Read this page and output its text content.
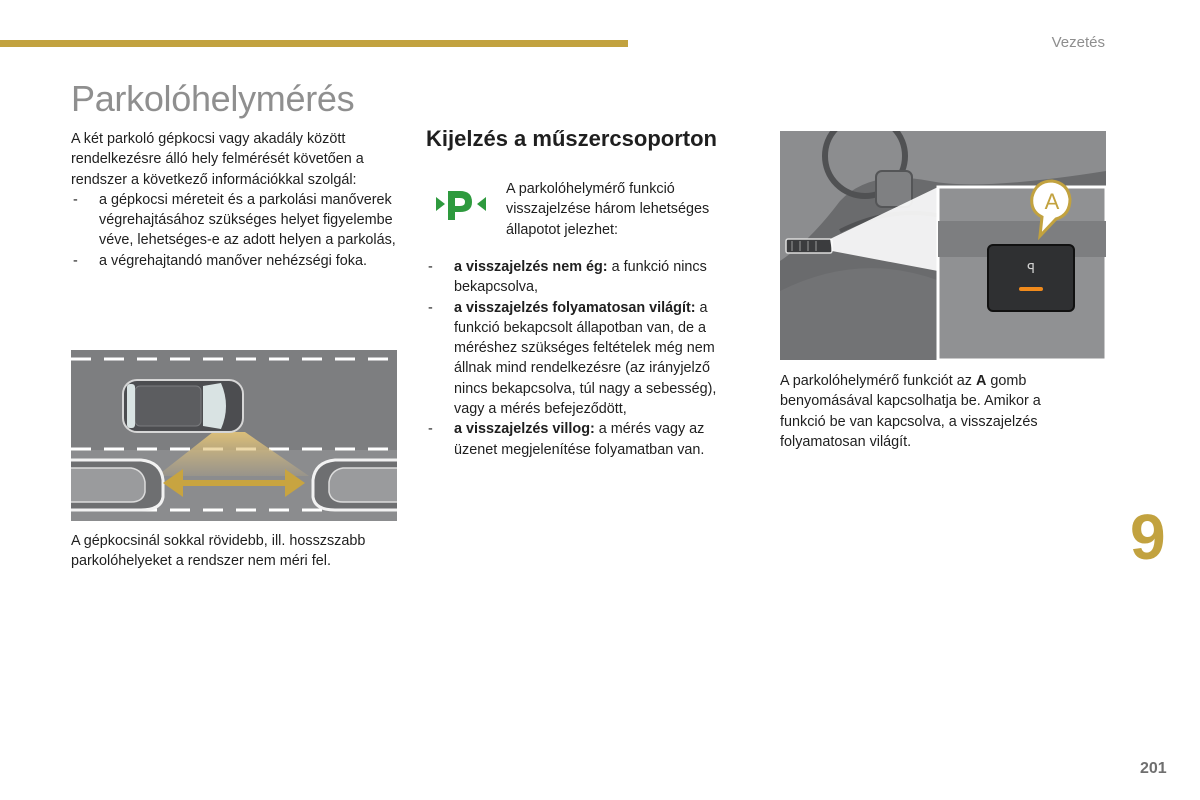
Vezetés
Parkolóhelymérés

A két parkoló gépkocsi vagy akadály között rendelkezésre álló hely felmérését követően a rendszer a következő információkkal szolgál:

- a gépkocsi méreteit és a parkolási manőverek végrehajtásához szükséges helyet figyelembe véve, lehetséges-e az adott helyen a parkolás,
- a végrehajtandó manőver nehézségi foka.
A gépkocsinál sokkal rövidebb, ill. hosszszabb parkolóhelyeket a rendszer nem méri fel.
Kijelzés a műszercsoporton
A parkolóhelymérő funkció visszajelzése három lehetséges állapotot jelezhet:
- a visszajelzés nem ég: a funkció nincs bekapcsolva,
- a visszajelzés folyamatosan világít: a funkció bekapcsolt állapotban van, de a méréshez szükséges feltételek még nem állnak mind rendelkezésre (az irányjelző nincs bekapcsolva, túl nagy a sebesség), vagy a mérés befejeződött,
- a visszajelzés villog: a mérés vagy az üzenet megjelenítése folyamatban van.
ꟼ
A
A parkolóhelymérő funkciót az A gomb benyomásával kapcsolhatja be. Amikor a funkció be van kapcsolva, a visszajelzés folyamatosan világít.
9
201
